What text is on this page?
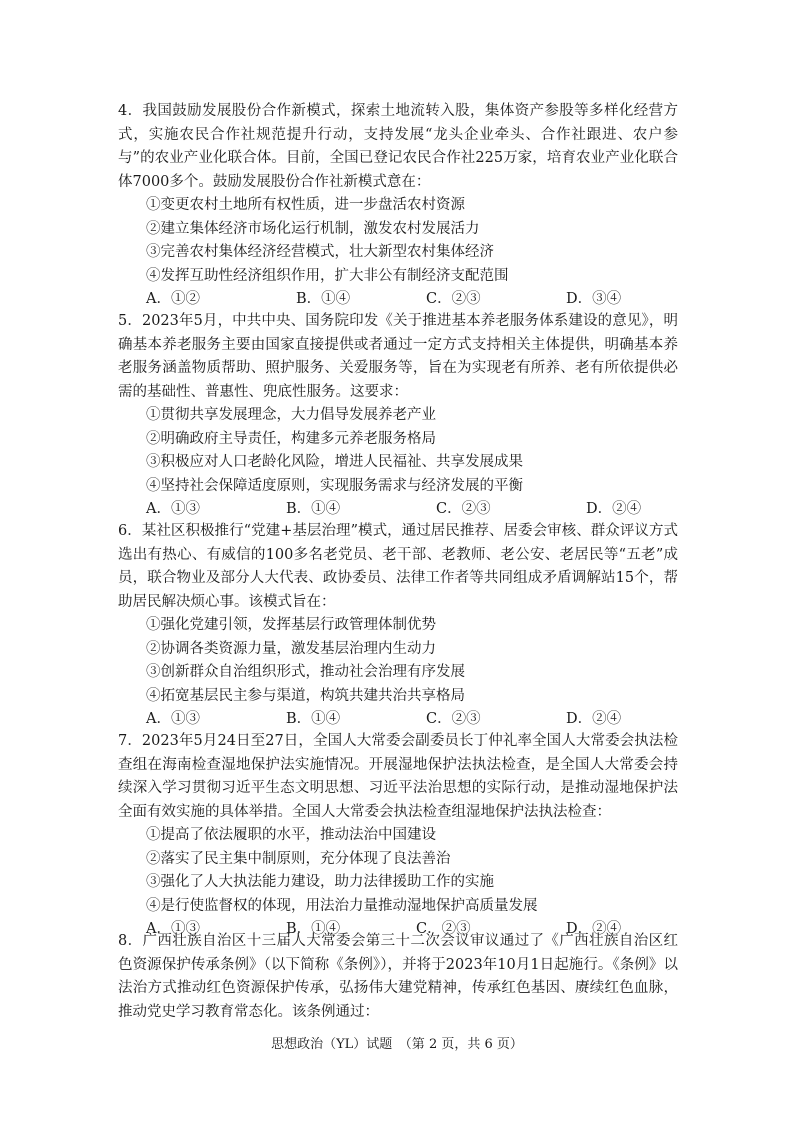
4．我国鼓励发展股份合作新模式，探索土地流转入股，集体资产参股等多样化经营方式，实施农民合作社规范提升行动，支持发展“龙头企业牵头、合作社跟进、农户参与”的农业产业化联合体。目前，全国已登记农民合作社225万家，培育农业产业化联合体7000多个。鼓励发展股份合作社新模式意在：

①变更农村土地所有权性质，进一步盘活农村资源

②建立集体经济市场化运行机制，激发农村发展活力

③完善农村集体经济经营模式，壮大新型农村集体经济

④发挥互助性经济组织作用，扩大非公有制经济支配范围

A．①②	B．①④	C．②③	D．③④

5．2023年5月，中共中央、国务院印发《关于推进基本养老服务体系建设的意见》，明确基本养老服务主要由国家直接提供或者通过一定方式支持相关主体提供，明确基本养老服务涵盖物质帮助、照护服务、关爱服务等，旨在为实现老有所养、老有所依提供必需的基础性、普惠性、兜底性服务。这要求：

①贯彻共享发展理念，大力倡导发展养老产业

②明确政府主导责任，构建多元养老服务格局

③积极应对人口老龄化风险，增进人民福祉、共享发展成果

④坚持社会保障适度原则，实现服务需求与经济发展的平衡

A．①③	B．①④	C．②③	D．②④

6．某社区积极推行“党建+基层治理”模式，通过居民推荐、居委会审核、群众评议方式选出有热心、有威信的100多名老党员、老干部、老教师、老公安、老居民等“五老”成员，联合物业及部分人大代表、政协委员、法律工作者等共同组成矛盾调解站15个，帮助居民解决烦心事。该模式旨在：

①强化党建引领，发挥基层行政管理体制优势

②协调各类资源力量，激发基层治理内生动力

③创新群众自治组织形式，推动社会治理有序发展

④拓宽基层民主参与渠道，构筑共建共治共享格局

A．①③	B．①④	C．②③	D．②④

7．2023年5月24日至27日，全国人大常委会副委员长丁仲礼率全国人大常委会执法检查组在海南检查湿地保护法实施情况。开展湿地保护法执法检查，是全国人大常委会持续深入学习贯彻习近平生态文明思想、习近平法治思想的实际行动，是推动湿地保护法全面有效实施的具体举措。全国人大常委会执法检查组湿地保护法执法检查：

①提高了依法履职的水平，推动法治中国建设

②落实了民主集中制原则，充分体现了良法善治

③强化了人大执法能力建设，助力法律援助工作的实施

④是行使监督权的体现，用法治力量推动湿地保护高质量发展

A．①③	B．①④	C．②③	D．②④

8．广西壮族自治区十三届人大常委会第三十二次会议审议通过了《广西壮族自治区红色资源保护传承条例》（以下简称《条例》），并将于2023年10月1日起施行。《条例》以法治方式推动红色资源保护传承，弘扬伟大建党精神，传承红色基因、赓续红色血脉，推动党史学习教育常态化。该条例通过：

思想政治（YL）试题　（第 2 页，共 6 页）
